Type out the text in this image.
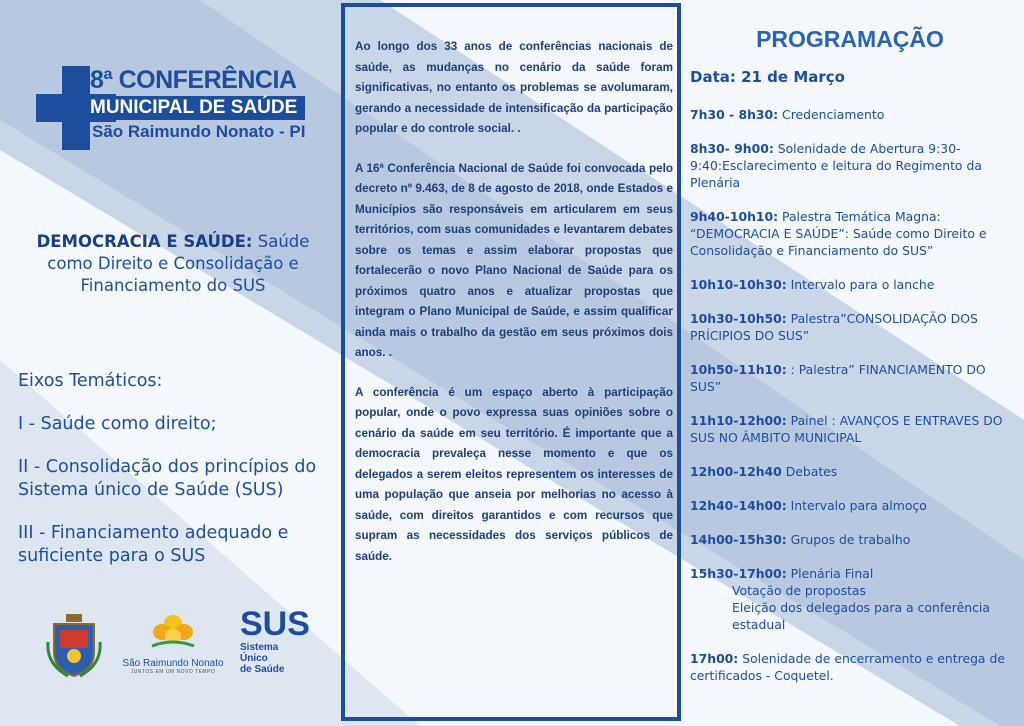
8ª CONFERÊNCIA
MUNICIPAL DE SAÚDE
São Raimundo Nonato - PI
DEMOCRACIA E SAÚDE: Saúde como Direito e Consolidação e Financiamento do SUS

Eixos Temáticos:

I - Saúde como direito;

II - Consolidação dos princípios do Sistema único de Saúde (SUS)

III - Financiamento adequado e suficiente para o SUS

São Raimundo Nonato
JUNTOS EM UM NOVO TEMPO
SUS
Sistema
Único
de Saúde

Ao longo dos 33 anos de conferências nacionais de saúde, as mudanças no cenário da saúde foram significativas, no entanto os problemas se avolumaram, gerando a necessidade de intensificação da participação popular e do controle social. .

A 16ª Conferência Nacional de Saúde foi convocada pelo decreto nº 9.463, de 8 de agosto de 2018, onde Estados e Municípios são responsáveis em articularem em seus territórios, com suas comunidades e levantarem debates sobre os temas e assim elaborar propostas que fortalecerão o novo Plano Nacional de Saúde para os próximos quatro anos e atualizar propostas que integram o Plano Municipal de Saúde, e assim qualificar ainda mais o trabalho da gestão em seus próximos dois anos. .

A conferência é um espaço aberto à participação popular, onde o povo expressa suas opiniões sobre o cenário da saúde em seu território. É importante que a democracia prevaleça nesse momento e que os delegados a serem eleitos representem os interesses de uma população que anseia por melhorias no acesso à saúde, com direitos garantidos e com recursos que supram as necessidades dos serviços públicos de saúde.

PROGRAMAÇÃO
Data: 21 de Março
7h30 - 8h30: Credenciamento
8h30- 9h00: Solenidade de Abertura 9:30-9:40:Esclarecimento e leitura do Regimento da Plenária
9h40-10h10: Palestra Temática Magna: “DEMOCRACIA E SAÚDE”: Saúde como Direito e Consolidação e Financiamento do SUS”
10h10-10h30: Intervalo para o lanche
10h30-10h50: Palestra”CONSOLIDAÇÃO DOS PRÍCIPIOS DO SUS”
10h50-11h10: : Palestra” FINANCIAMENTO DO SUS”
11h10-12h00: Painel : AVANÇOS E ENTRAVES DO SUS NO ÂMBITO MUNICIPAL
12h00-12h40 Debates
12h40-14h00: Intervalo para almoço
14h00-15h30: Grupos de trabalho
15h30-17h00: Plenária Final
Votação de propostas
Eleição dos delegados para a conferência estadual
17h00: Solenidade de encerramento e entrega de certificados - Coquetel.
